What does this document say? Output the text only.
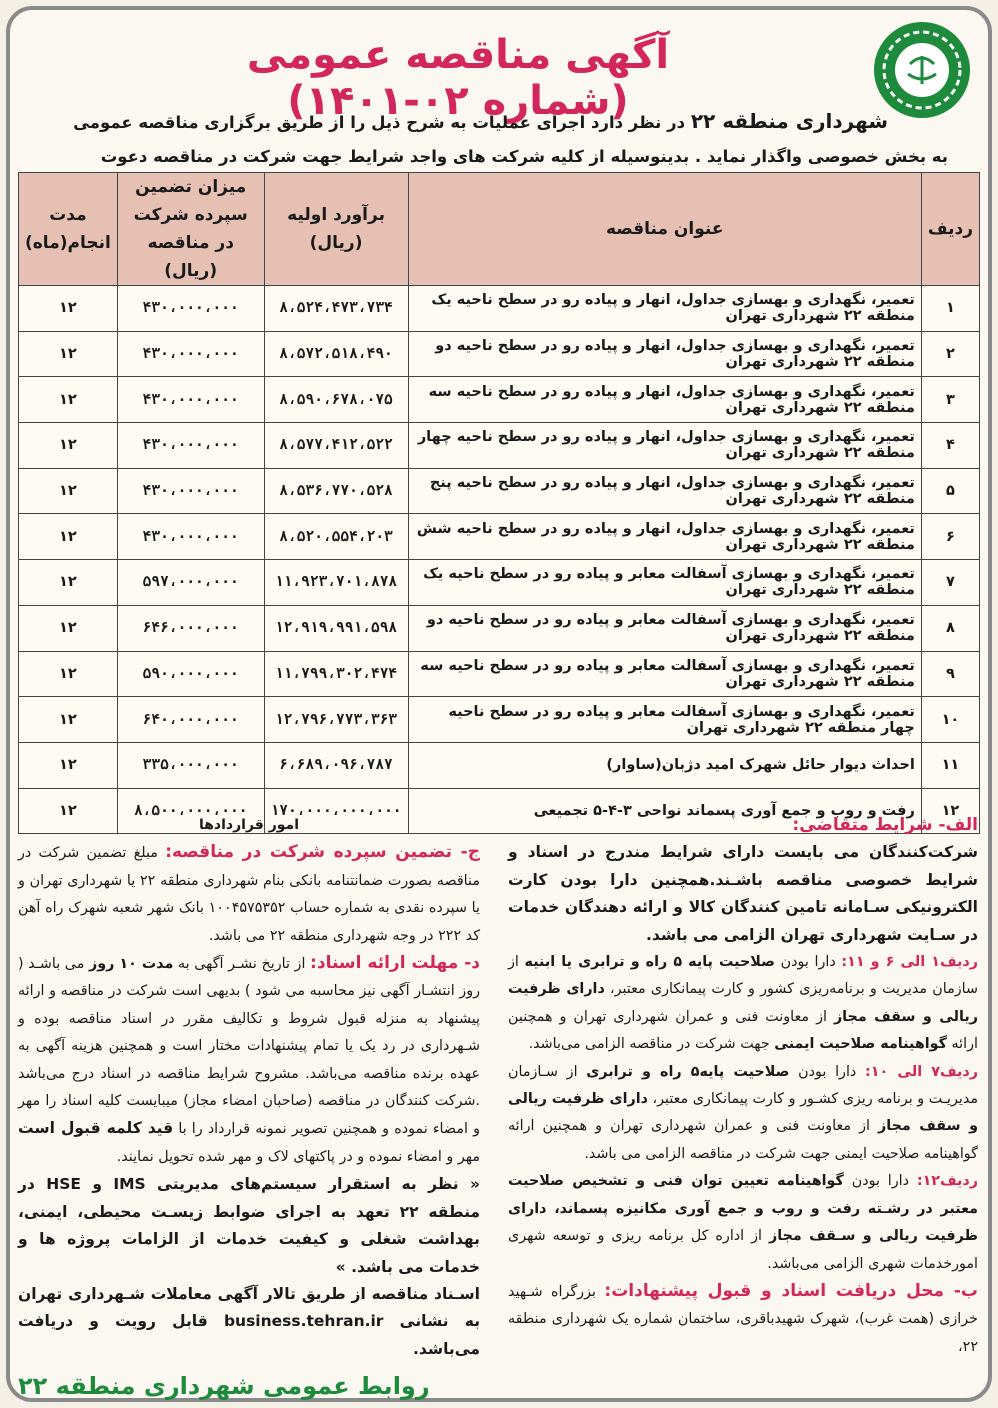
آگهی مناقصه عمومی (شماره ۰۲-۱۴۰۱)	شهرداری منطقه ۲۲ در نظر دارد اجرای عملیات به شرح ذیل را از طریق برگزاری مناقصه عمومی
به بخش خصوصی واگذار نماید . بدینوسیله از کلیه شرکت های واجد شرایط جهت شرکت در مناقصه دعوت
ردیف	عنوان مناقصه	برآورد اولیه (ریال)	میزان تضمین سپرده شرکت در مناقصه (ریال)	مدت انجام(ماه)
۱	تعمیر، نگهداری و بهسازی جداول، انهار و پیاده رو در سطح ناحیه یک منطقه ۲۲ شهرداری تهران	۸،۵۲۴،۴۷۳،۷۳۴	۴۳۰،۰۰۰،۰۰۰	۱۲
۲	تعمیر، نگهداری و بهسازی جداول، انهار و پیاده رو در سطح ناحیه دو منطقه ۲۲ شهرداری تهران	۸،۵۷۲،۵۱۸،۴۹۰	۴۳۰،۰۰۰،۰۰۰	۱۲
۳	تعمیر، نگهداری و بهسازی جداول، انهار و پیاده رو در سطح ناحیه سه منطقه ۲۲ شهرداری تهران	۸،۵۹۰،۶۷۸،۰۷۵	۴۳۰،۰۰۰،۰۰۰	۱۲
۴	تعمیر، نگهداری و بهسازی جداول، انهار و پیاده رو در سطح ناحیه چهار منطقه ۲۲ شهرداری تهران	۸،۵۷۷،۴۱۲،۵۲۲	۴۳۰،۰۰۰،۰۰۰	۱۲
۵	تعمیر، نگهداری و بهسازی جداول، انهار و پیاده رو در سطح ناحیه پنج منطقه ۲۲ شهرداری تهران	۸،۵۳۶،۷۷۰،۵۲۸	۴۳۰،۰۰۰،۰۰۰	۱۲
۶	تعمیر، نگهداری و بهسازی جداول، انهار و پیاده رو در سطح ناحیه شش منطقه ۲۲ شهرداری تهران	۸،۵۲۰،۵۵۴،۲۰۳	۴۳۰،۰۰۰،۰۰۰	۱۲
۷	تعمیر، نگهداری و بهسازی آسفالت معابر و پیاده رو در سطح ناحیه یک منطقه ۲۲ شهرداری تهران	۱۱،۹۲۳،۷۰۱،۸۷۸	۵۹۷،۰۰۰،۰۰۰	۱۲
۸	تعمیر، نگهداری و بهسازی آسفالت معابر و پیاده رو در سطح ناحیه دو منطقه ۲۲ شهرداری تهران	۱۲،۹۱۹،۹۹۱،۵۹۸	۶۴۶،۰۰۰،۰۰۰	۱۲
۹	تعمیر، نگهداری و بهسازی آسفالت معابر و پیاده رو در سطح ناحیه سه منطقه ۲۲ شهرداری تهران	۱۱،۷۹۹،۳۰۲،۴۷۴	۵۹۰،۰۰۰،۰۰۰	۱۲
۱۰	تعمیر، نگهداری و بهسازی آسفالت معابر و پیاده رو در سطح ناحیه چهار منطقه ۲۲ شهرداری تهران	۱۲،۷۹۶،۷۷۳،۳۶۳	۶۴۰،۰۰۰،۰۰۰	۱۲
۱۱	احداث دیوار حائل شهرک امید دژبان(ساوار)	۶،۶۸۹،۰۹۶،۷۸۷	۳۳۵،۰۰۰،۰۰۰	۱۲
۱۲	رفت و روب و جمع آوری پسماند نواحی ۳-۴-۵ تجمیعی	۱۷۰،۰۰۰،۰۰۰،۰۰۰	۸،۵۰۰،۰۰۰،۰۰۰	۱۲
الف- شرایط متقاضی:
شرکت‌کنندگان می بایست دارای شرایط مندرج در اسناد و شرایط خصوصی مناقصه باشـند.همچنین دارا بودن کارت الکترونیکی سـامانه تامین کنندگان کالا و ارائه دهندگان خدمات در سـایت شهرداری تهران الزامی می باشد.
ردیف۱ الی ۶ و ۱۱: دارا بودن صلاحیت پایه ۵ راه و ترابری یا ابنیه از سازمان مدیریت و برنامه‌ریزی کشور و کارت پیمانکاری معتبر، دارای ظرفیت ریالی و سقف مجاز از معاونت فنی و عمران شهرداری تهران و همچنین ارائه گواهینامه صلاحیت ایمنی جهت شرکت در مناقصه الزامی می‌باشد.
ردیف۷ الی ۱۰: دارا بودن صلاحیت پایه۵ راه و ترابری از سـازمان مدیریـت و برنامه ریزی کشـور و کارت پیمانکاری معتبر، دارای ظرفیت ریالی و سقف مجاز از معاونت فنی و عمران شهرداری تهران و همچنین ارائه گواهینامه صلاحیت ایمنی جهت شرکت در مناقصه الزامی می باشد.
ردیف۱۲: دارا بودن گواهینامه تعیین توان فنی و تشخیص صلاحیت معتبر در رشـته رفت و روب و جمع آوری مکانیزه پسماند، دارای ظرفیت ریالی و سـقف مجاز از اداره کل برنامه ریزی و توسعه شهری امورخدمات شهری الزامی می‌باشد.
ب- محل دریافت اسناد و قبول پیشنهادات: بزرگراه شـهید خرازی (همت غرب)، شهرک شهیدباقری، ساختمان شماره یک شهرداری منطقه ۲۲،
امور قراردادها
ج- تضمین سپرده شرکت در مناقصه: مبلغ تضمین شرکت در مناقصه بصورت ضمانتنامه بانکی بنام شهرداری منطقه ۲۲ یا شهرداری تهران و یا سپرده نقدی به شماره حساب ۱۰۰۴۵۷۵۳۵۲ بانک شهر شعبه شهرک راه آهن کد ۲۲۲ در وجه شهرداری منطقه ۲۲ می باشد.
د- مهلت ارائه اسناد: از تاریخ نشـر آگهی به مدت ۱۰ روز می باشـد ( روز انتشـار آگهی نیز محاسبه می شود ) بدیهی است شرکت در مناقصه و ارائه پیشنهاد به منزله قبول شروط و تکالیف مقرر در اسناد مناقصه بوده و شـهرداری در رد یک یا تمام پیشنهادات مختار است و همچنین هزینه آگهی به عهده برنده مناقصه می‌باشد. مشروح شرایط مناقصه در اسناد درج می‌باشد .شرکت کنندگان در مناقصه (صاحبان امضاء مجاز) میبایست کلیه اسناد را مهر و امضاء نموده و همچنین تصویر نمونه قرارداد را با قید کلمه قبول است مهر و امضاء نموده و در پاکتهای لاک و مهر شده تحویل نمایند.
« نظر به استقرار سیستم‌های مدیریتی IMS و HSE در منطقه ۲۲ تعهد به اجرای ضوابط زیسـت محیطی، ایمنی، بهداشت شغلی و کیفیت خدمات از الزامات پروژه ها و خدمات می باشد. »
اسـناد مناقصه از طریق تالار آگهی معاملات شـهرداری تهران به نشانی business.tehran.ir قابل رویت و دریافت می‌باشد.
روابط عمومی شهرداری منطقه ۲۲
